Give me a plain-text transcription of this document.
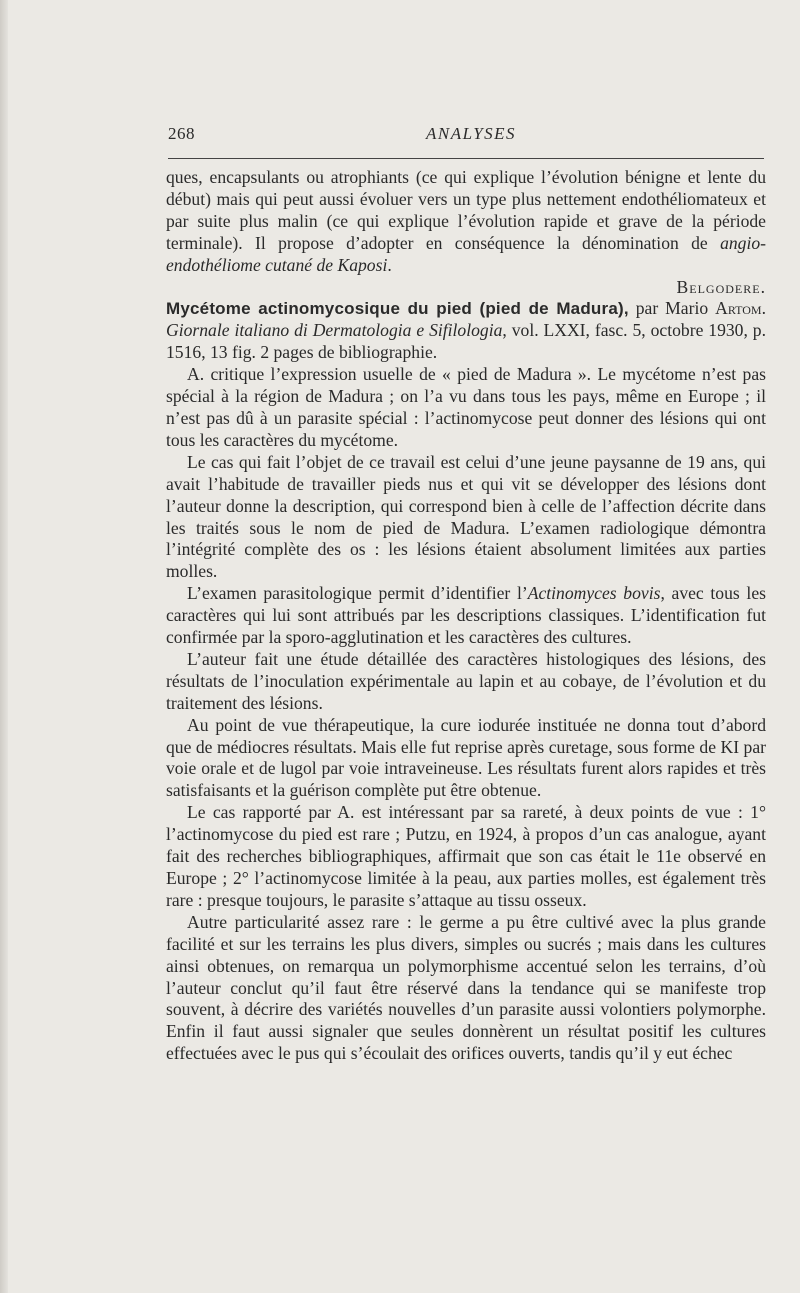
268	ANALYSES

ques, encapsulants ou atrophiants (ce qui explique l’évolution bénigne et lente du début) mais qui peut aussi évoluer vers un type plus nettement endothéliomateux et par suite plus malin (ce qui explique l’évolution rapide et grave de la période terminale). Il propose d’adopter en conséquence la dénomination de angio-endothéliome cutané de Kaposi.

Belgodere.

Mycétome actinomycosique du pied (pied de Madura), par Mario Artom. Giornale italiano di Dermatologia e Sifilologia, vol. LXXI, fasc. 5, octobre 1930, p. 1516, 13 fig. 2 pages de bibliographie.

A. critique l’expression usuelle de « pied de Madura ». Le mycétome n’est pas spécial à la région de Madura ; on l’a vu dans tous les pays, même en Europe ; il n’est pas dû à un parasite spécial : l’actinomycose peut donner des lésions qui ont tous les caractères du mycétome.

Le cas qui fait l’objet de ce travail est celui d’une jeune paysanne de 19 ans, qui avait l’habitude de travailler pieds nus et qui vit se développer des lésions dont l’auteur donne la description, qui correspond bien à celle de l’affection décrite dans les traités sous le nom de pied de Madura. L’examen radiologique démontra l’intégrité complète des os : les lésions étaient absolument limitées aux parties molles.

L’examen parasitologique permit d’identifier l’Actinomyces bovis, avec tous les caractères qui lui sont attribués par les descriptions classiques. L’identification fut confirmée par la sporo-agglutination et les caractères des cultures.

L’auteur fait une étude détaillée des caractères histologiques des lésions, des résultats de l’inoculation expérimentale au lapin et au cobaye, de l’évolution et du traitement des lésions.

Au point de vue thérapeutique, la cure iodurée instituée ne donna tout d’abord que de médiocres résultats. Mais elle fut reprise après curetage, sous forme de KI par voie orale et de lugol par voie intraveineuse. Les résultats furent alors rapides et très satisfaisants et la guérison complète put être obtenue.

Le cas rapporté par A. est intéressant par sa rareté, à deux points de vue : 1° l’actinomycose du pied est rare ; Putzu, en 1924, à propos d’un cas analogue, ayant fait des recherches bibliographiques, affirmait que son cas était le 11e observé en Europe ; 2° l’actinomycose limitée à la peau, aux parties molles, est également très rare : presque toujours, le parasite s’attaque au tissu osseux.

Autre particularité assez rare : le germe a pu être cultivé avec la plus grande facilité et sur les terrains les plus divers, simples ou sucrés ; mais dans les cultures ainsi obtenues, on remarqua un polymorphisme accentué selon les terrains, d’où l’auteur conclut qu’il faut être réservé dans la tendance qui se manifeste trop souvent, à décrire des variétés nouvelles d’un parasite aussi volontiers polymorphe. Enfin il faut aussi signaler que seules donnèrent un résultat positif les cultures effectuées avec le pus qui s’écoulait des orifices ouverts, tandis qu’il y eut échec
